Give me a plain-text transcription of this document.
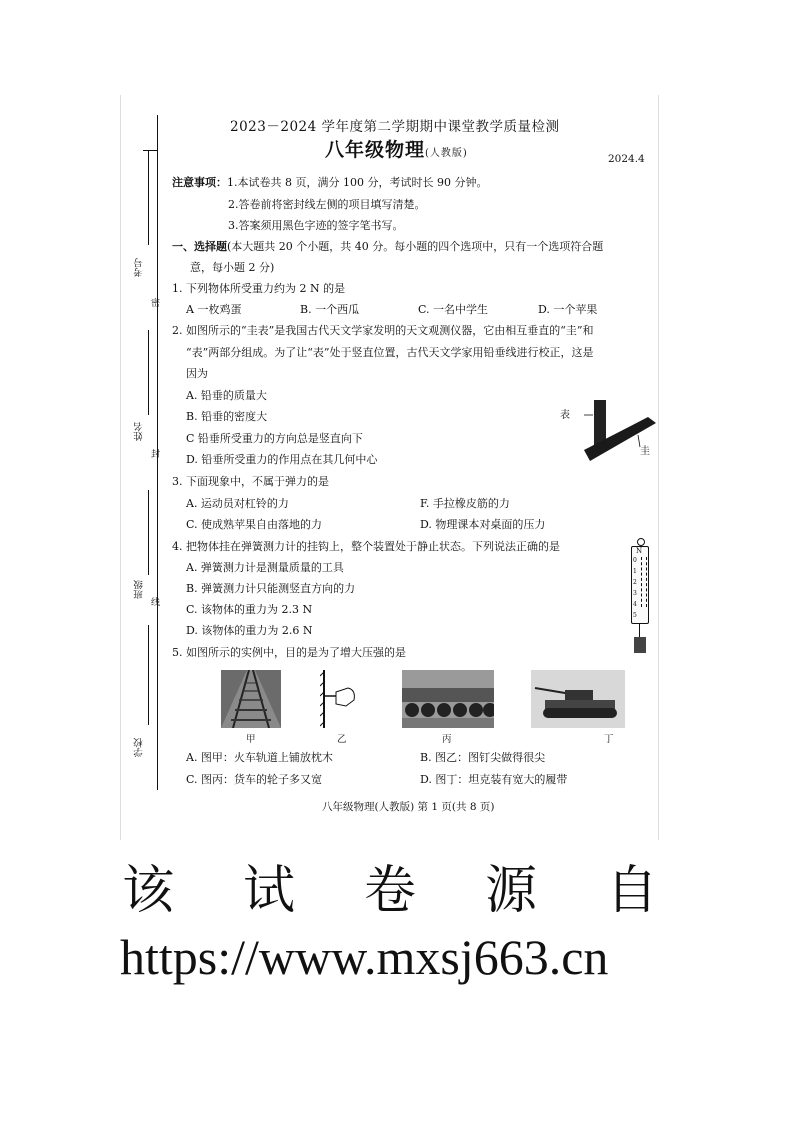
考号
密
姓名
封
班级
线
学校
2023－2024 学年度第二学期期中课堂教学质量检测
八年级物理(人教版)	2024.4
注意事项：1.本试卷共 8 页，满分 100 分，考试时长 90 分钟。
2.答卷前将密封线左侧的项目填写清楚。
3.答案须用黑色字迹的签字笔书写。
一、选择题(本大题共 20 个小题，共 40 分。每小题的四个选项中，只有一个选项符合题
意，每小题 2 分)
1. 下列物体所受重力约为 2 N 的是
A 一枚鸡蛋	B. 一个西瓜	C. 一名中学生	D. 一个苹果
2. 如图所示的“圭表”是我国古代天文学家发明的天文观测仪器，它由相互垂直的“圭”和
“表”两部分组成。为了让“表”处于竖直位置，古代天文学家用铅垂线进行校正，这是
因为
A. 铅垂的质量大
B. 铅垂的密度大
C 铅垂所受重力的方向总是竖直向下
D. 铅垂所受重力的作用点在其几何中心
表
圭
3. 下面现象中，不属于弹力的是
A. 运动员对杠铃的力	F. 手拉橡皮筋的力
C. 使成熟苹果自由落地的力	D. 物理课本对桌面的压力
4. 把物体挂在弹簧测力计的挂钩上，整个装置处于静止状态。下列说法正确的是
A. 弹簧测力计是测量质量的工具
B. 弹簧测力计只能测竖直方向的力
C. 该物体的重力为 2.3 N
D. 该物体的重力为 2.6 N
N
0
1
2
3
4
5
5. 如图所示的实例中，目的是为了增大压强的是
甲	乙	丙	丁
A. 图甲：火车轨道上铺放枕木	B. 图乙：图钉尖做得很尖
C. 图丙：货车的轮子多又宽	D. 图丁：坦克装有宽大的履带
八年级物理(人教版) 第 1 页(共 8 页)
该 试 卷 源 自
https://www.mxsj663.cn
